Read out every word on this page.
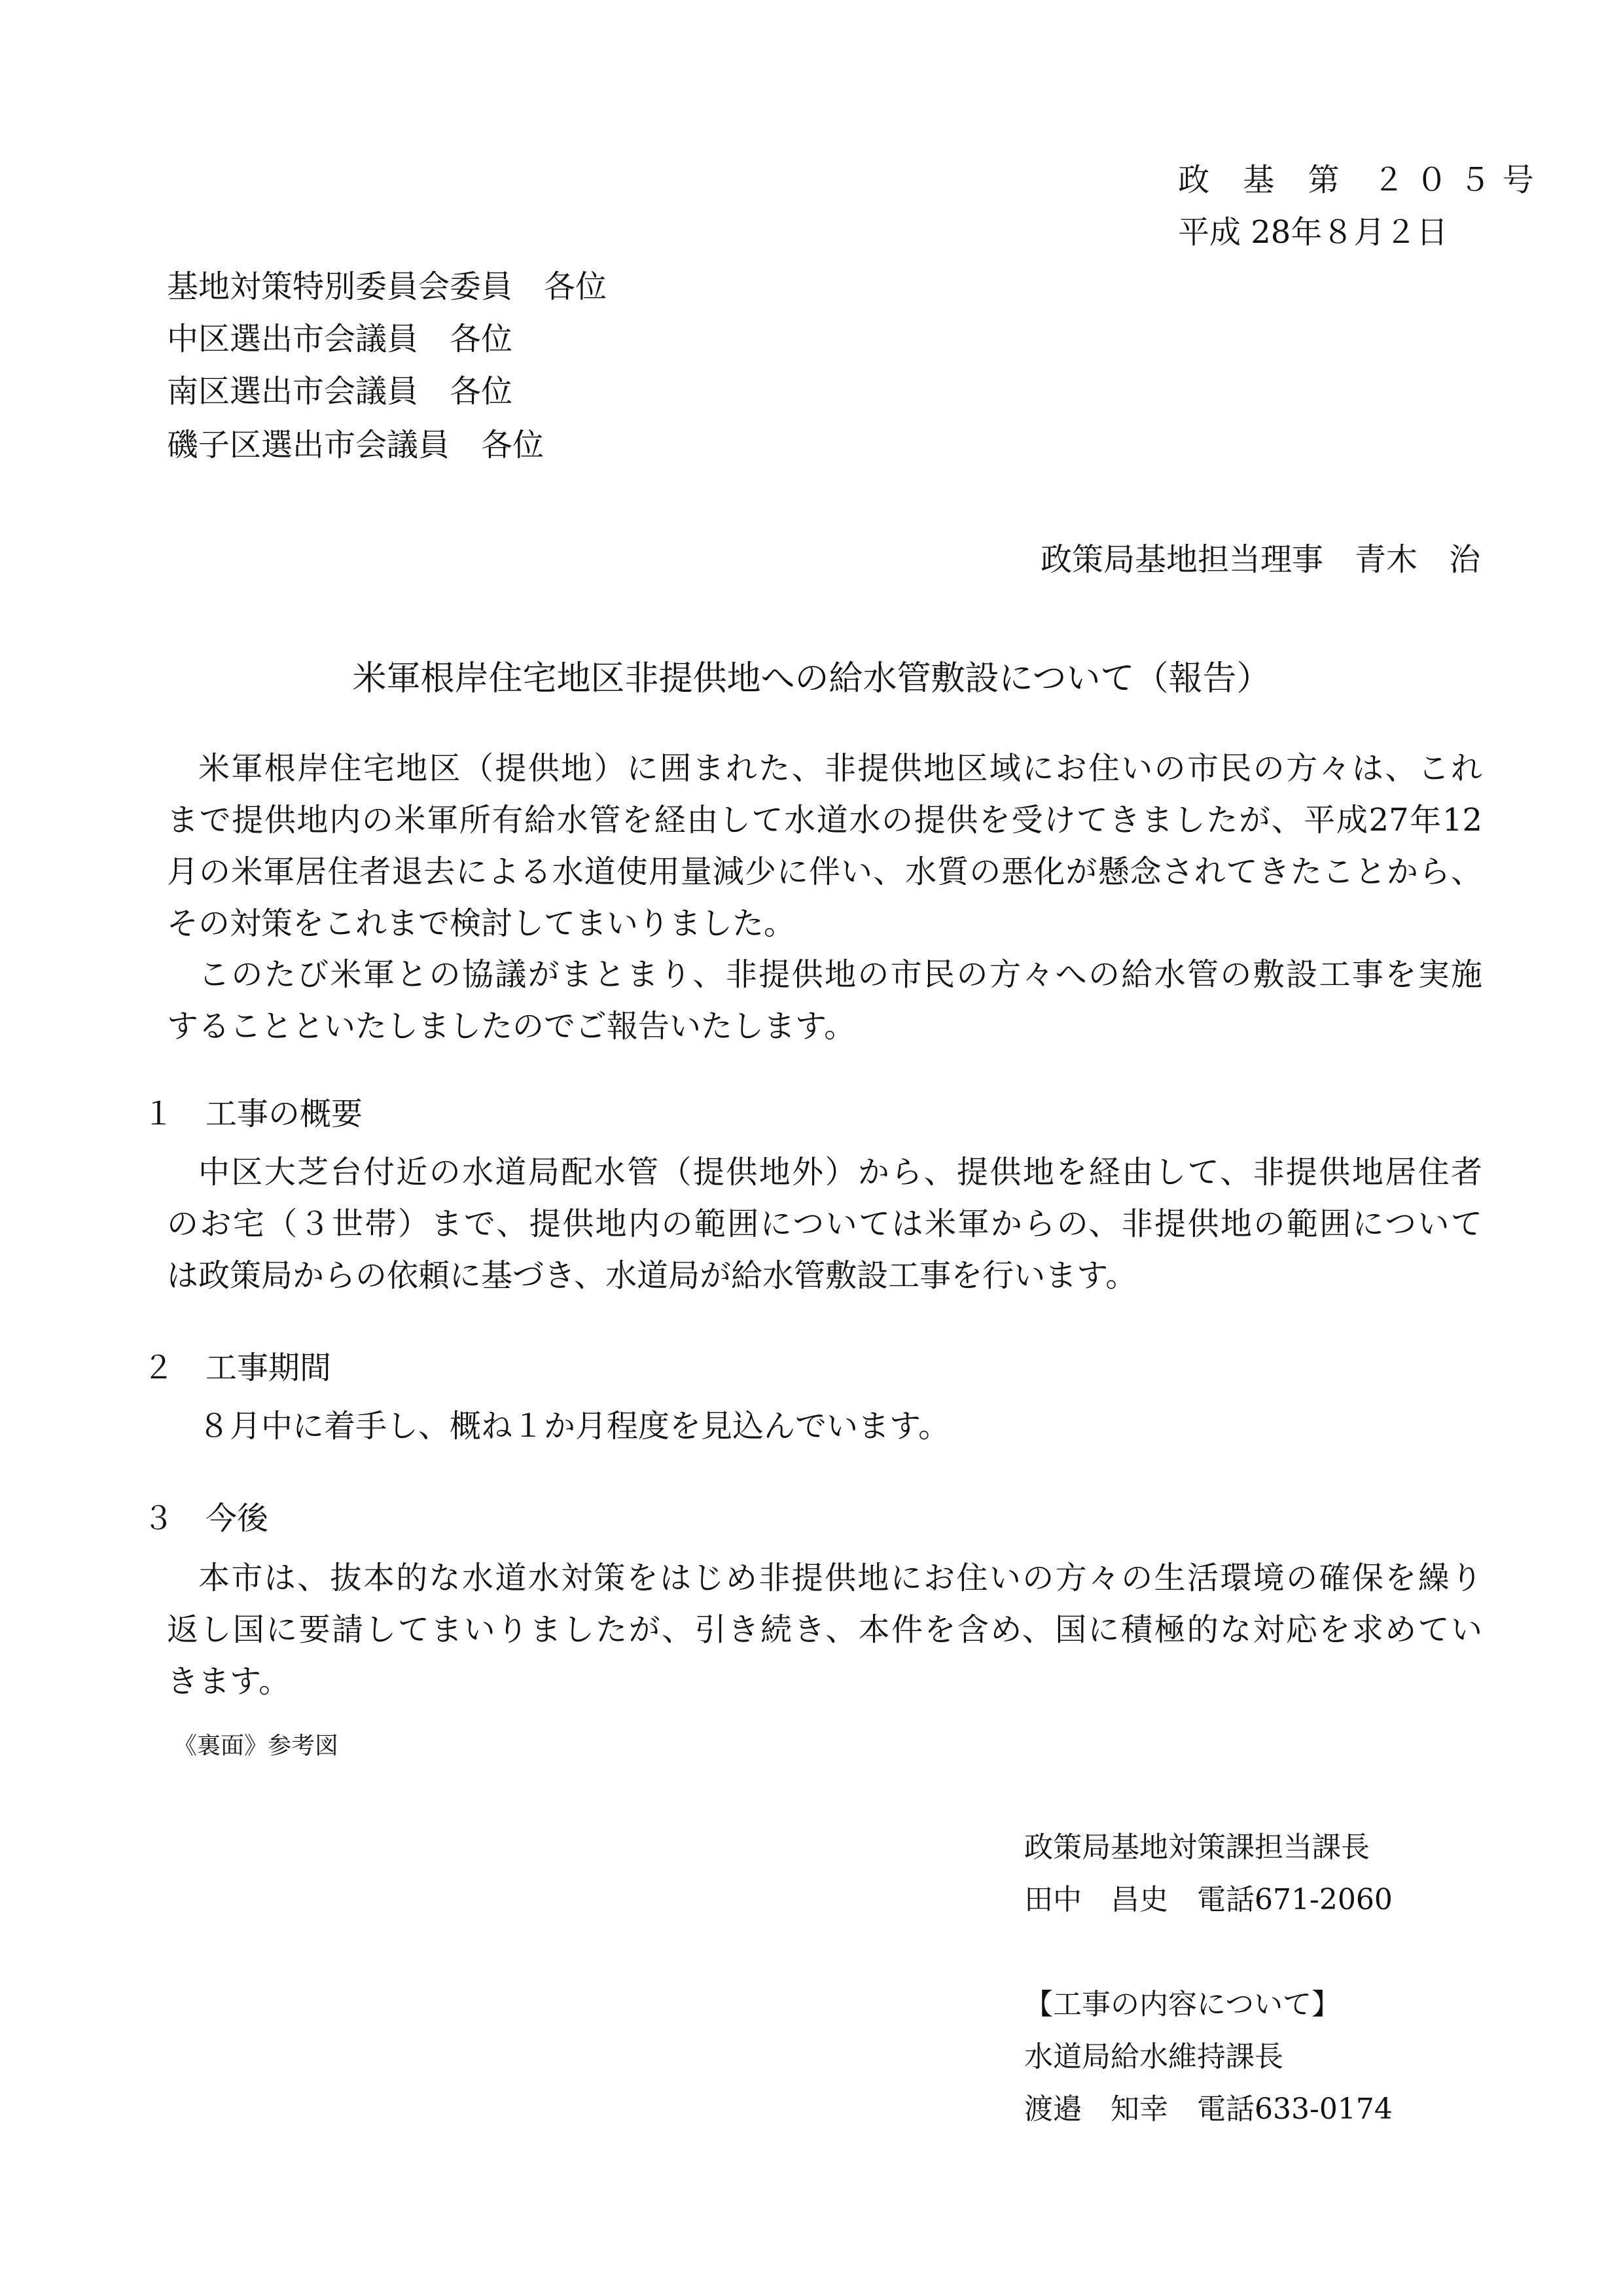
政 基 第 ２０５号
平成 28年８月２日
基地対策特別委員会委員　各位
中区選出市会議員　各位
南区選出市会議員　各位
磯子区選出市会議員　各位
政策局基地担当理事　青木　治
米軍根岸住宅地区非提供地への給水管敷設について（報告）

米軍根岸住宅地区（提供地）に囲まれた、非提供地区域にお住いの市民の方々は、これ

まで提供地内の米軍所有給水管を経由して水道水の提供を受けてきましたが、平成27年12

月の米軍居住者退去による水道使用量減少に伴い、水質の悪化が懸念されてきたことから、

その対策をこれまで検討してまいりました。

このたび米軍との協議がまとまり、非提供地の市民の方々への給水管の敷設工事を実施

することといたしましたのでご報告いたします。

１　工事の概要

中区大芝台付近の水道局配水管（提供地外）から、提供地を経由して、非提供地居住者

のお宅（３世帯）まで、提供地内の範囲については米軍からの、非提供地の範囲について

は政策局からの依頼に基づき、水道局が給水管敷設工事を行います。

２　工事期間

８月中に着手し、概ね１か月程度を見込んでいます。

３　今後

本市は、抜本的な水道水対策をはじめ非提供地にお住いの方々の生活環境の確保を繰り

返し国に要請してまいりましたが、引き続き、本件を含め、国に積極的な対応を求めてい

きます。

《裏面》参考図
政策局基地対策課担当課長
田中　昌史　電話671-2060
【工事の内容について】
水道局給水維持課長
渡邉　知幸　電話633-0174
